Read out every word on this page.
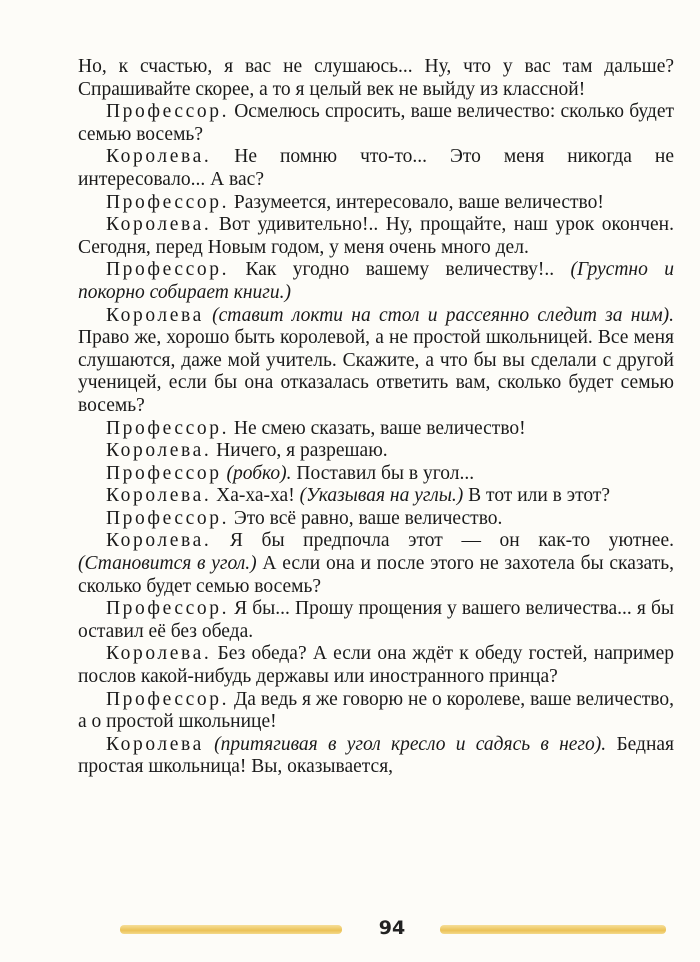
Но, к счастью, я вас не слушаюсь... Ну, что у вас там дальше? Спрашивайте скорее, а то я целый век не выйду из классной!

Профессор. Осмелюсь спросить, ваше величество: сколько будет семью восемь?

Королева. Не помню что-то... Это меня никогда не интересовало... А вас?

Профессор. Разумеется, интересовало, ваше величество!

Королева. Вот удивительно!.. Ну, прощайте, наш урок окончен. Сегодня, перед Новым годом, у меня очень много дел.

Профессор. Как угодно вашему величеству!.. (Грустно и покорно собирает книги.)

Королева (ставит локти на стол и рассеянно следит за ним). Право же, хорошо быть королевой, а не простой школьницей. Все меня слушаются, даже мой учитель. Скажите, а что бы вы сделали с другой ученицей, если бы она отказалась ответить вам, сколько будет семью восемь?

Профессор. Не смею сказать, ваше величество!

Королева. Ничего, я разрешаю.

Профессор (робко). Поставил бы в угол...

Королева. Ха-ха-ха! (Указывая на углы.) В тот или в этот?

Профессор. Это всё равно, ваше величество.

Королева. Я бы предпочла этот — он как-то уютнее. (Становится в угол.) А если она и после этого не захотела бы сказать, сколько будет семью восемь?

Профессор. Я бы... Прошу прощения у вашего величества... я бы оставил её без обеда.

Королева. Без обеда? А если она ждёт к обеду гостей, например послов какой-нибудь державы или иностранного принца?

Профессор. Да ведь я же говорю не о королеве, ваше величество, а о простой школьнице!

Королева (притягивая в угол кресло и садясь в него). Бедная простая школьница! Вы, оказывается,

94
